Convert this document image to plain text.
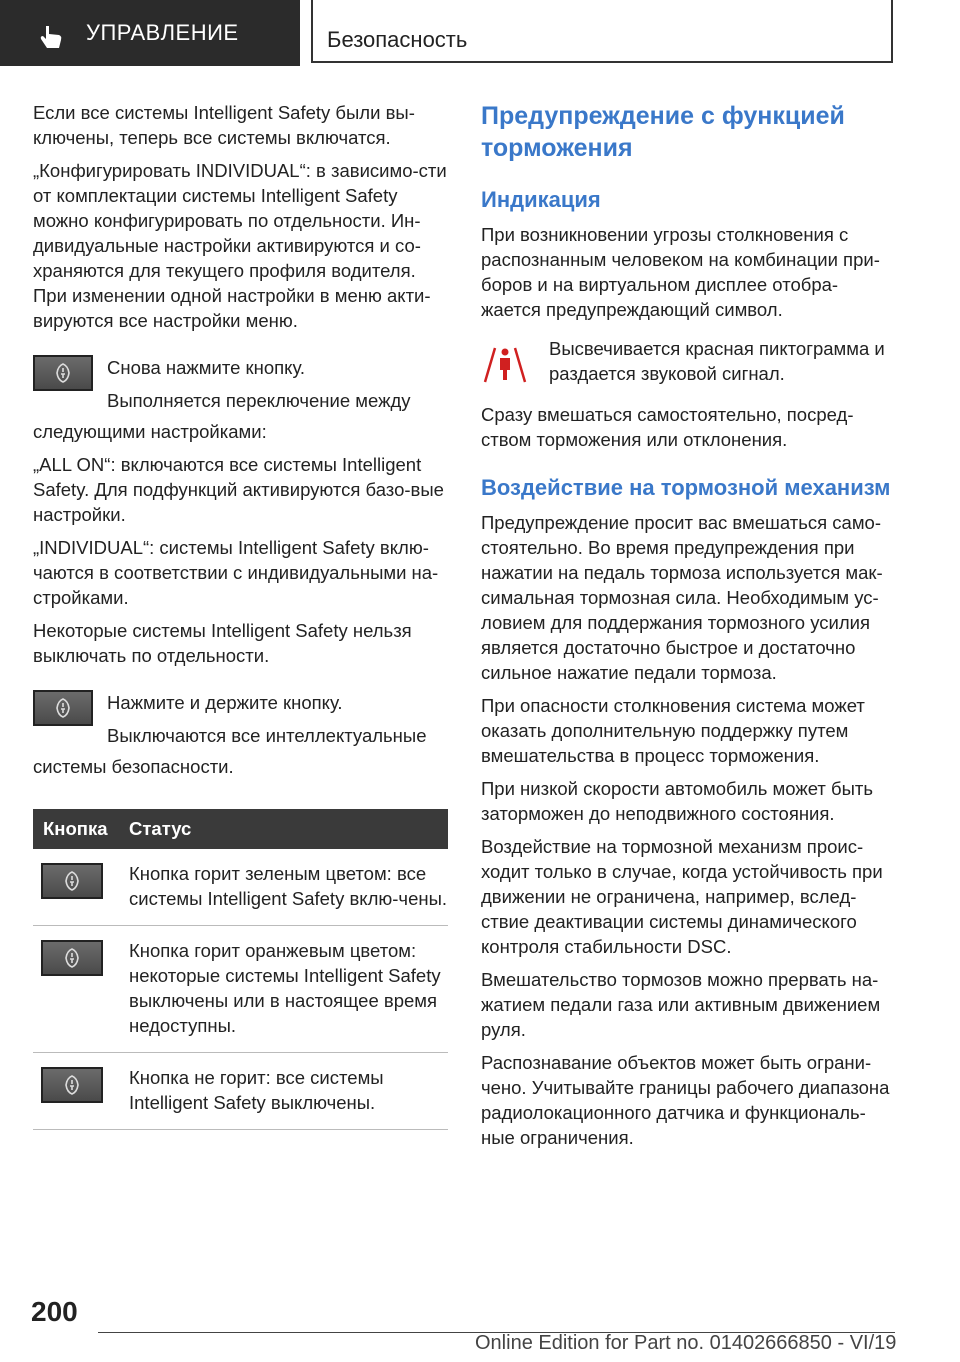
УПРАВЛЕНИЕ	Безопасность

Если все системы Intelligent Safety были вы-ключены, теперь все системы включатся.

„Конфигурировать INDIVIDUAL“: в зависимо-сти от комплектации системы Intelligent Safety можно конфигурировать по отдельности. Ин-дивидуальные настройки активируются и со-храняются для текущего профиля водителя. При изменении одной настройки в меню акти-вируются все настройки меню.

Снова нажмите кнопку.

Выполняется переключение между

следующими настройками:

„ALL ON“: включаются все системы Intelligent Safety. Для подфункций активируются базо-вые настройки.

„INDIVIDUAL“: системы Intelligent Safety вклю-чаются в соответствии с индивидуальными на-стройками.

Некоторые системы Intelligent Safety нельзя выключать по отдельности.

Нажмите и держите кнопку.

Выключаются все интеллектуальные

системы безопасности.

Кнопка	Статус

	Кнопка горит зеленым цветом: все системы Intelligent Safety вклю-чены.

	Кнопка горит оранжевым цветом: некоторые системы Intelligent Safety выключены или в настоящее время недоступны.

	Кнопка не горит: все системы Intelligent Safety выключены.
Предупреждение с функцией торможения
Индикация

При возникновении угрозы столкновения с распознанным человеком на комбинации при-боров и на виртуальном дисплее отобра-жается предупреждающий символ.

Высвечивается красная пиктограмма и раздается звуковой сигнал.

Сразу вмешаться самостоятельно, посред-ством торможения или отклонения.

Воздействие на тормозной механизм

Предупреждение просит вас вмешаться само-стоятельно. Во время предупреждения при нажатии на педаль тормоза используется мак-симальная тормозная сила. Необходимым ус-ловием для поддержания тормозного усилия является достаточно быстрое и достаточно сильное нажатие педали тормоза.

При опасности столкновения система может оказать дополнительную поддержку путем вмешательства в процесс торможения.

При низкой скорости автомобиль может быть заторможен до неподвижного состояния.

Воздействие на тормозной механизм проис-ходит только в случае, когда устойчивость при движении не ограничена, например, вслед-ствие деактивации системы динамического контроля стабильности DSC.

Вмешательство тормозов можно прервать на-жатием педали газа или активным движением руля.

Распознавание объектов может быть ограни-чено. Учитывайте границы рабочего диапазона радиолокационного датчика и функциональ-ные ограничения.

200
Online Edition for Part no. 01402666850 - VI/19
